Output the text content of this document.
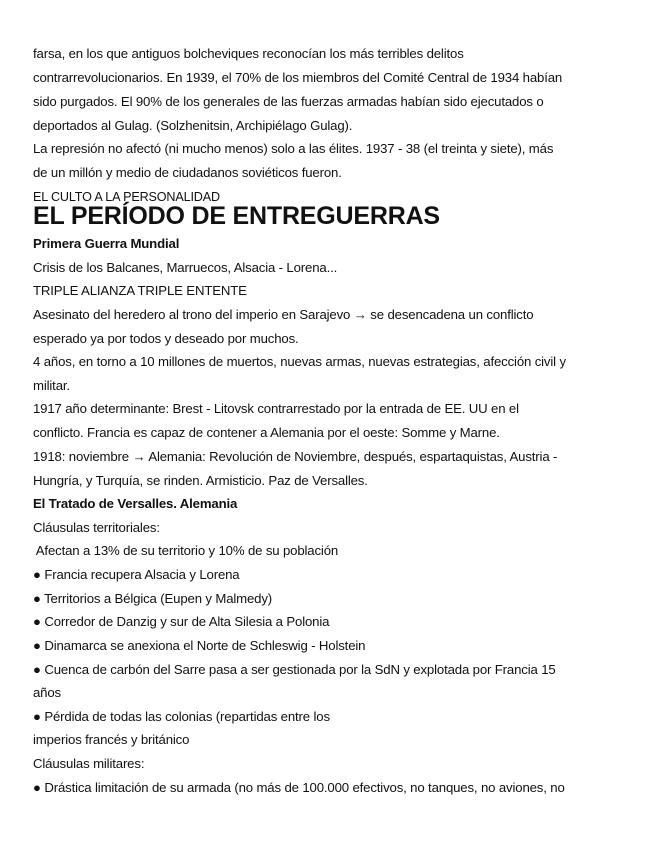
farsa, en los que antiguos bolcheviques reconocían los más terribles delitos
contrarrevolucionarios. En 1939, el 70% de los miembros del Comité Central de 1934 habían
sido purgados. El 90% de los generales de las fuerzas armadas habían sido ejecutados o
deportados al Gulag. (Solzhenitsin, Archipiélago Gulag).
La represión no afectó (ni mucho menos) solo a las élites. 1937 - 38 (el treinta y siete), más
de un millón y medio de ciudadanos soviéticos fueron.
EL CULTO A LA PERSONALIDAD
EL PERÍODO DE ENTREGUERRAS
Primera Guerra Mundial
Crisis de los Balcanes, Marruecos, Alsacia - Lorena...
TRIPLE ALIANZA TRIPLE ENTENTE
Asesinato del heredero al trono del imperio en Sarajevo → se desencadena un conflicto
esperado ya por todos y deseado por muchos.
4 años, en torno a 10 millones de muertos, nuevas armas, nuevas estrategias, afección civil y
militar.
1917 año determinante: Brest - Litovsk contrarrestado por la entrada de EE. UU en el
conflicto. Francia es capaz de contener a Alemania por el oeste: Somme y Marne.
1918: noviembre → Alemania: Revolución de Noviembre, después, espartaquistas, Austria -
Hungría, y Turquía, se rinden. Armisticio. Paz de Versalles.
El Tratado de Versalles. Alemania
Cláusulas territoriales:
Afectan a 13% de su territorio y 10% de su población
● Francia recupera Alsacia y Lorena
● Territorios a Bélgica (Eupen y Malmedy)
● Corredor de Danzig y sur de Alta Silesia a Polonia
● Dinamarca se anexiona el Norte de Schleswig - Holstein
● Cuenca de carbón del Sarre pasa a ser gestionada por la SdN y explotada por Francia 15
años
● Pérdida de todas las colonias (repartidas entre los
imperios francés y británico
Cláusulas militares:
● Drástica limitación de su armada (no más de 100.000 efectivos, no tanques, no aviones, no
